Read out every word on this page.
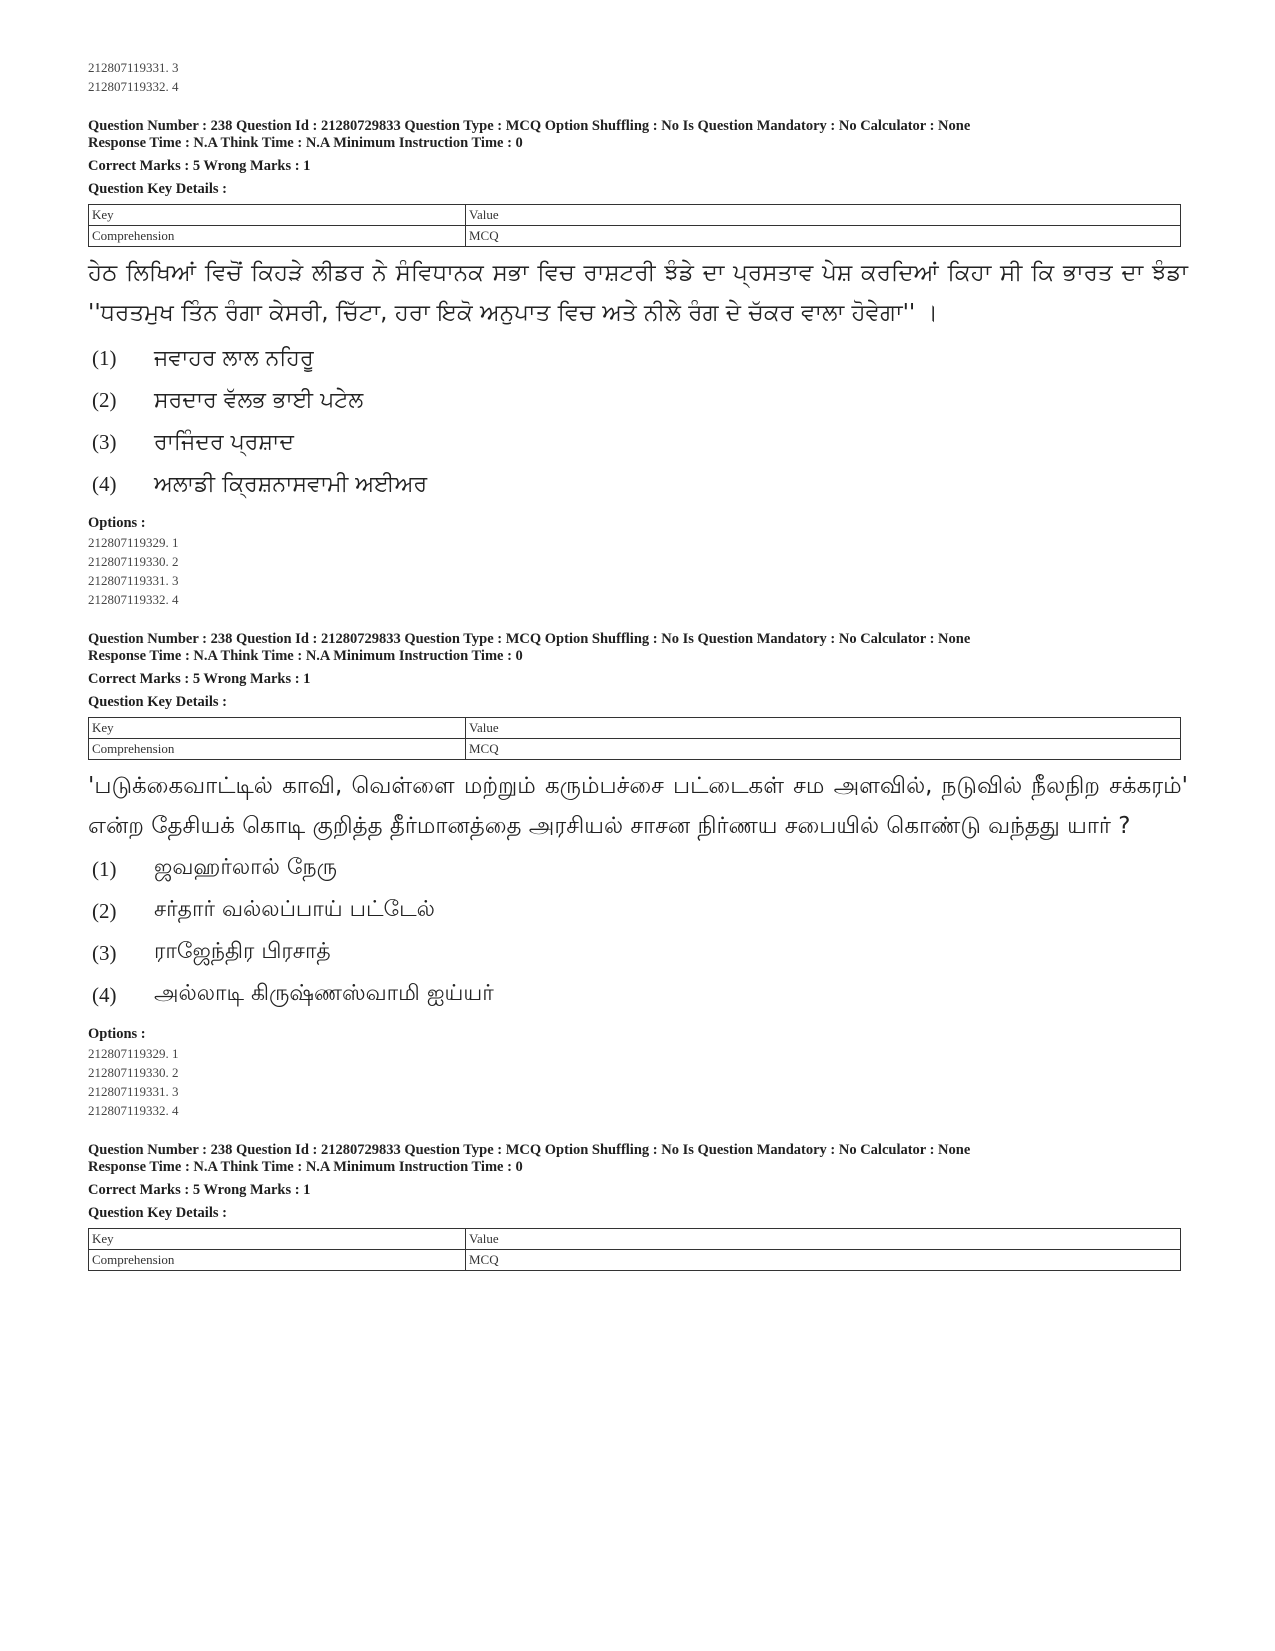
212807119331. 3
212807119332. 4
Question Number : 238 Question Id : 21280729833 Question Type : MCQ Option Shuffling : No Is Question Mandatory : No Calculator : None
Response Time : N.A Think Time : N.A Minimum Instruction Time : 0
Correct Marks : 5 Wrong Marks : 1
Question Key Details :
Key	Value
Comprehension	MCQ
ਹੇਠ ਲਿਖਿਆਂ ਵਿਚੋਂ ਕਿਹੜੇ ਲੀਡਰ ਨੇ ਸੰਵਿਧਾਨਕ ਸਭਾ ਵਿਚ ਰਾਸ਼ਟਰੀ ਝੰਡੇ ਦਾ ਪ੍ਰਸਤਾਵ ਪੇਸ਼ ਕਰਦਿਆਂ ਕਿਹਾ ਸੀ ਕਿ ਭਾਰਤ ਦਾ ਝੰਡਾ ''ਧਰਤਮੁਖ ਤਿੰਨ ਰੰਗਾ ਕੇਸਰੀ, ਚਿੱਟਾ, ਹਰਾ ਇਕੋ ਅਨੁਪਾਤ ਵਿਚ ਅਤੇ ਨੀਲੇ ਰੰਗ ਦੇ ਚੱਕਰ ਵਾਲਾ ਹੋਵੇਗਾ'' ।
(1)	ਜਵਾਹਰ ਲਾਲ ਨਹਿਰੂ
(2)	ਸਰਦਾਰ ਵੱਲਭ ਭਾਈ ਪਟੇਲ
(3)	ਰਾਜਿੰਦਰ ਪ੍ਰਸ਼ਾਦ
(4)	ਅਲਾਡੀ ਕ੍ਰਿਸ਼ਨਾਸਵਾਮੀ ਅਈਅਰ
Options :
212807119329. 1
212807119330. 2
212807119331. 3
212807119332. 4
Question Number : 238 Question Id : 21280729833 Question Type : MCQ Option Shuffling : No Is Question Mandatory : No Calculator : None
Response Time : N.A Think Time : N.A Minimum Instruction Time : 0
Correct Marks : 5 Wrong Marks : 1
Question Key Details :
Key	Value
Comprehension	MCQ
'படுக்கைவாட்டில் காவி, வெள்ளை மற்றும் கரும்பச்சை பட்டைகள் சம அளவில், நடுவில் நீலநிற சக்கரம்' என்ற தேசியக் கொடி குறித்த தீர்மானத்தை அரசியல் சாசன நிர்ணய சபையில் கொண்டு வந்தது யார் ?
(1)	ஜவஹர்லால் நேரு
(2)	சர்தார் வல்லப்பாய் பட்டேல்
(3)	ராஜேந்திர பிரசாத்
(4)	அல்லாடி கிருஷ்ணஸ்வாமி ஐய்யர்
Options :
212807119329. 1
212807119330. 2
212807119331. 3
212807119332. 4
Question Number : 238 Question Id : 21280729833 Question Type : MCQ Option Shuffling : No Is Question Mandatory : No Calculator : None
Response Time : N.A Think Time : N.A Minimum Instruction Time : 0
Correct Marks : 5 Wrong Marks : 1
Question Key Details :
Key	Value
Comprehension	MCQ
